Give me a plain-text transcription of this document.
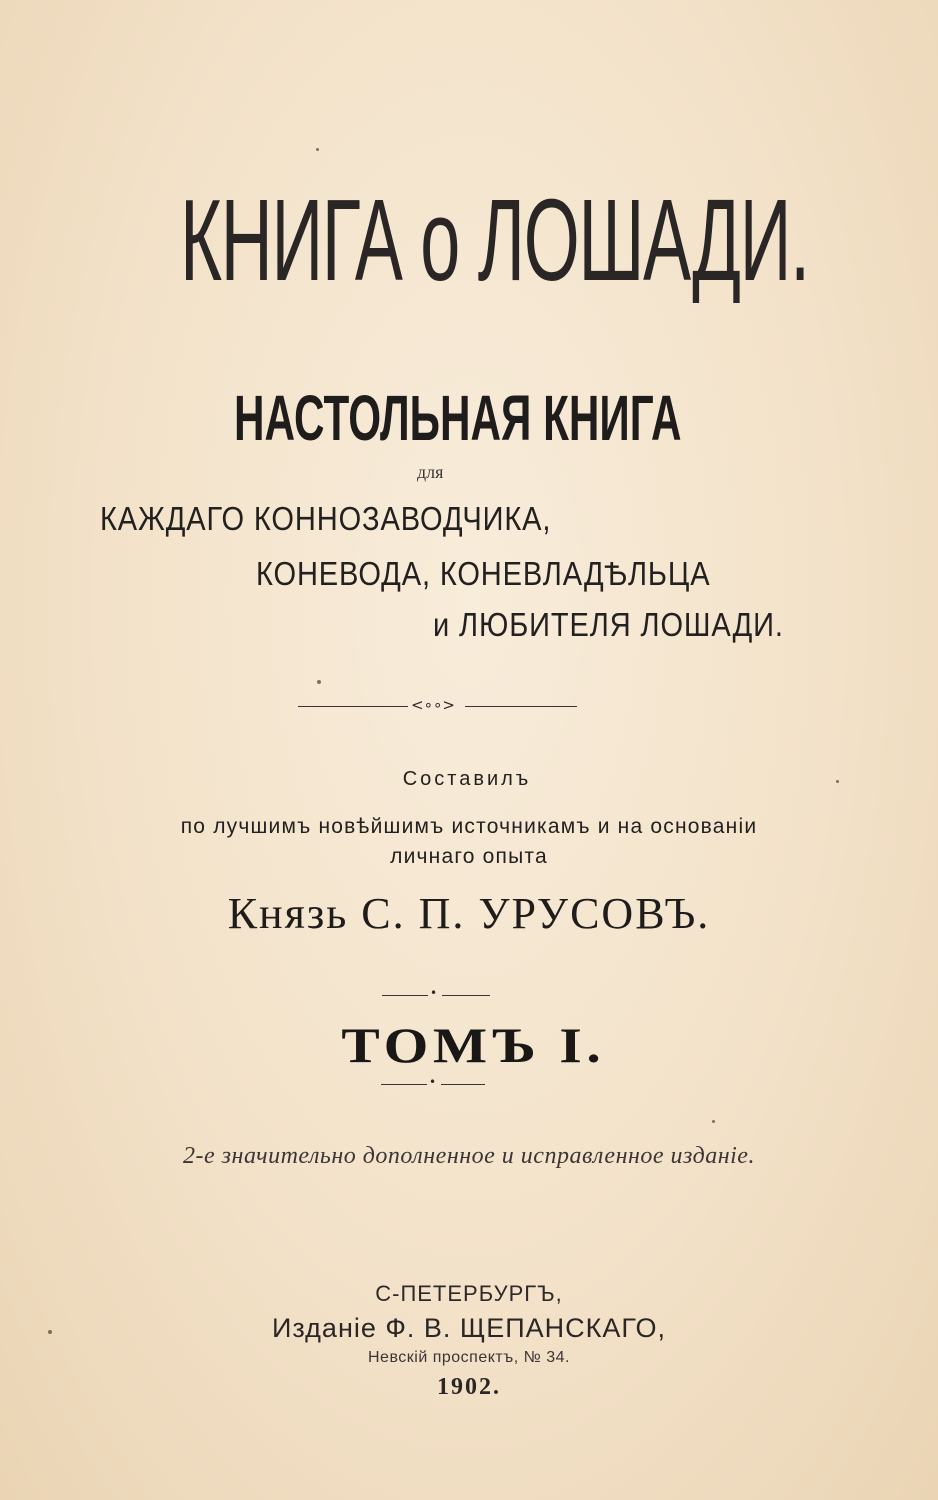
КНИГА о ЛОШАДИ.
НАСТОЛЬНАЯ КНИГА
для
КАЖДАГО КОННОЗАВОДЧИКА,
КОНЕВОДА, КОНЕВЛАДѢЛЬЦА
и ЛЮБИТЕЛЯ ЛОШАДИ.
<∘∘>
Составилъ
по лучшимъ новѣйшимъ источникамъ и на основанiи
личнаго опыта
Князь С. П. УРУСОВЪ.
•
ТОМЪ I.
•
2-е значительно дополненное и исправленное изданiе.
С-ПЕТЕРБУРГЪ,
Изданiе Ф. В. ЩЕПАНСКАГО,
Невскiй проспектъ, № 34.
1902.
